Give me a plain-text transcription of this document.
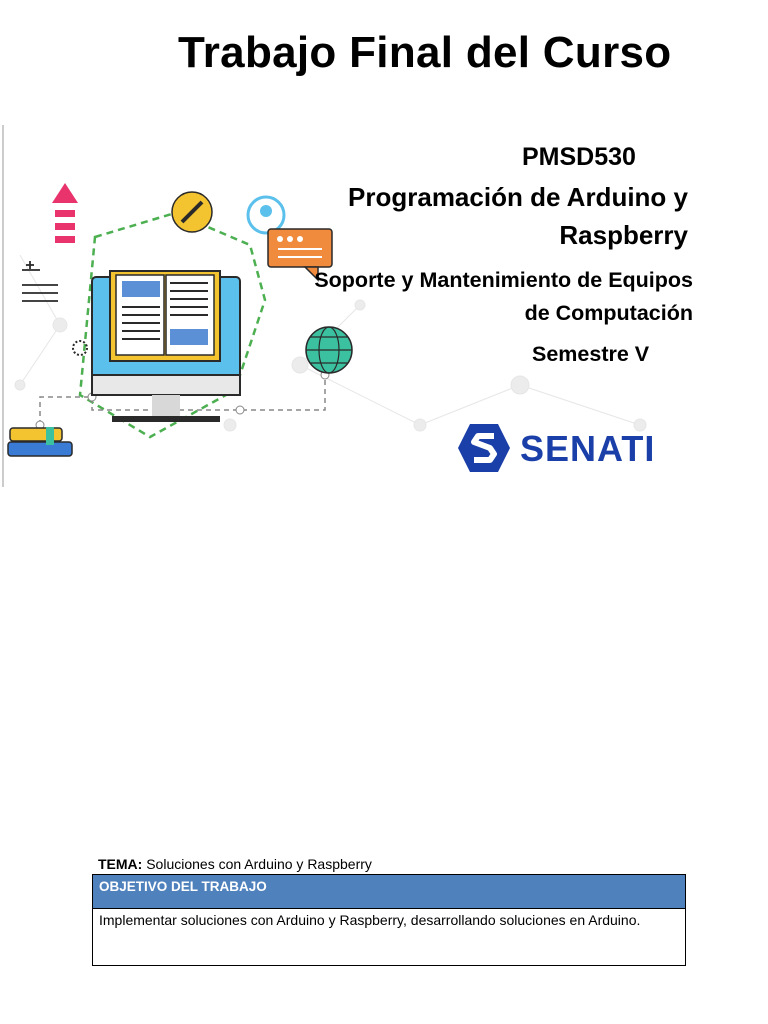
Trabajo Final del Curso
PMSD530
Programación de Arduino y Raspberry
Soporte y Mantenimiento de Equipos de Computación
Semestre V
SENATI
TEMA: Soluciones con Arduino y Raspberry
OBJETIVO DEL TRABAJO
Implementar soluciones con Arduino y Raspberry, desarrollando soluciones en Arduino.
